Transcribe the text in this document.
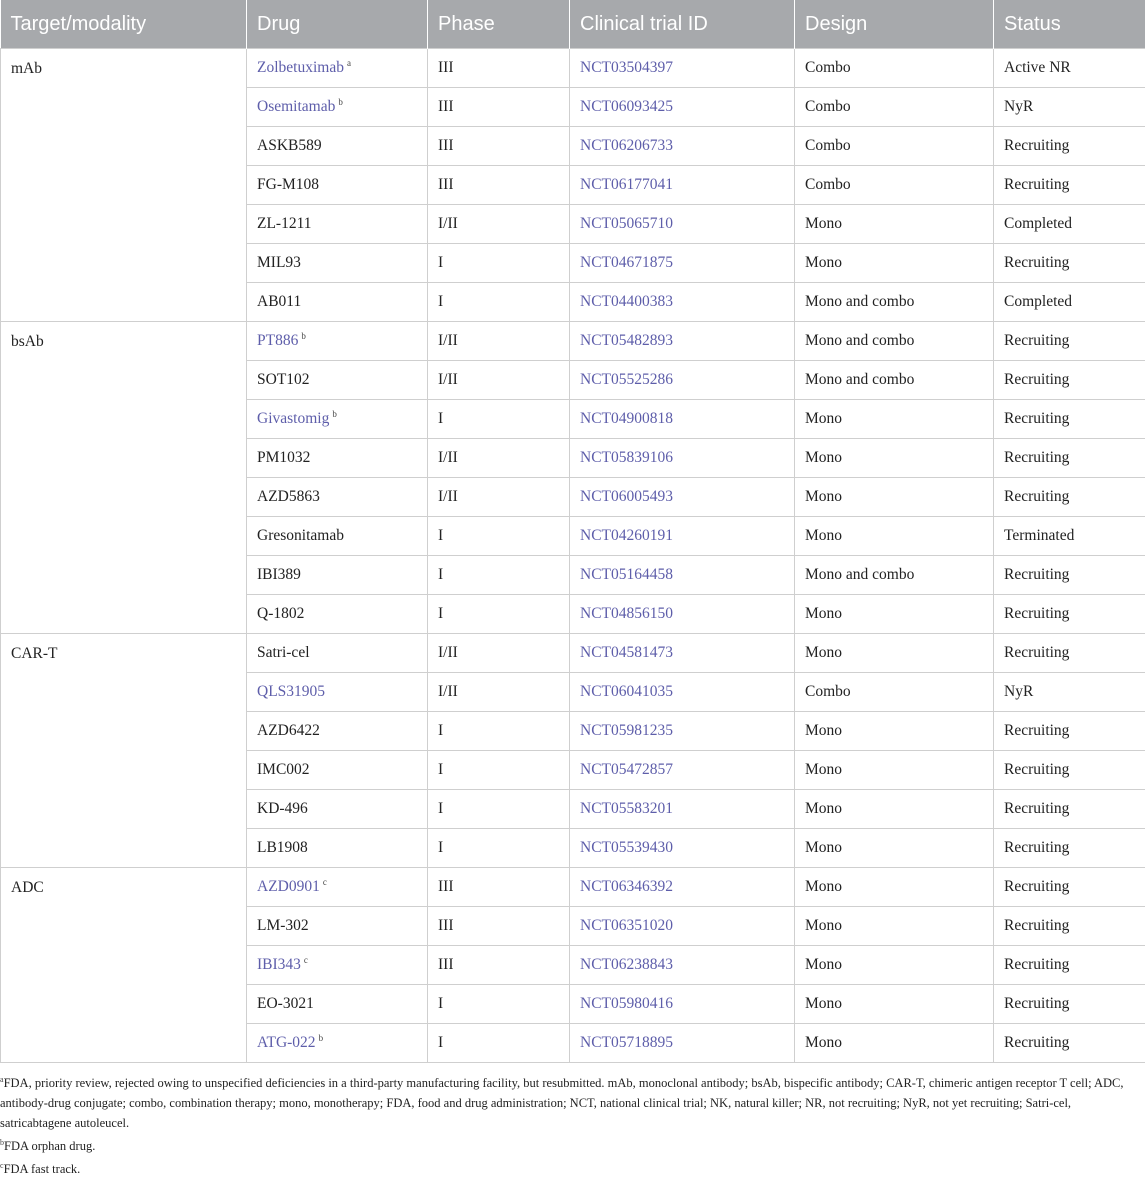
Target/modality	Drug	Phase	Clinical trial ID	Design	Status
mAb	Zolbetuximab $^a$	III	NCT03504397	Combo	Active NR
	Osemitamab $^b$	III	NCT06093425	Combo	NyR
	ASKB589	III	NCT06206733	Combo	Recruiting
	FG-M108	III	NCT06177041	Combo	Recruiting
	ZL-1211	I/II	NCT05065710	Mono	Completed
	MIL93	I	NCT04671875	Mono	Recruiting
	AB011	I	NCT04400383	Mono and combo	Completed
bsAb	PT886 $^b$	I/II	NCT05482893	Mono and combo	Recruiting
	SOT102	I/II	NCT05525286	Mono and combo	Recruiting
	Givastomig $^b$	I	NCT04900818	Mono	Recruiting
	PM1032	I/II	NCT05839106	Mono	Recruiting
	AZD5863	I/II	NCT06005493	Mono	Recruiting
	Gresonitamab	I	NCT04260191	Mono	Terminated
	IBI389	I	NCT05164458	Mono and combo	Recruiting
	Q-1802	I	NCT04856150	Mono	Recruiting
CAR-T	Satri-cel	I/II	NCT04581473	Mono	Recruiting
	QLS31905	I/II	NCT06041035	Combo	NyR
	AZD6422	I	NCT05981235	Mono	Recruiting
	IMC002	I	NCT05472857	Mono	Recruiting
	KD-496	I	NCT05583201	Mono	Recruiting
	LB1908	I	NCT05539430	Mono	Recruiting
ADC	AZD0901 $^c$	III	NCT06346392	Mono	Recruiting
	LM-302	III	NCT06351020	Mono	Recruiting
	IBI343 $^c$	III	NCT06238843	Mono	Recruiting
	EO-3021	I	NCT05980416	Mono	Recruiting
	ATG-022 $^b$	I	NCT05718895	Mono	Recruiting

$^a$FDA, priority review, rejected owing to unspecified deficiencies in a third-party manufacturing facility, but resubmitted. mAb, monoclonal antibody; bsAb, bispecific antibody; CAR-T, chimeric antigen receptor T cell; ADC, antibody-drug conjugate; combo, combination therapy; mono, monotherapy; FDA, food and drug administration; NCT, national clinical trial; NK, natural killer; NR, not recruiting; NyR, not yet recruiting; Satri-cel, satricabtagene autoleucel.

$^b$FDA orphan drug.

$^c$FDA fast track.
